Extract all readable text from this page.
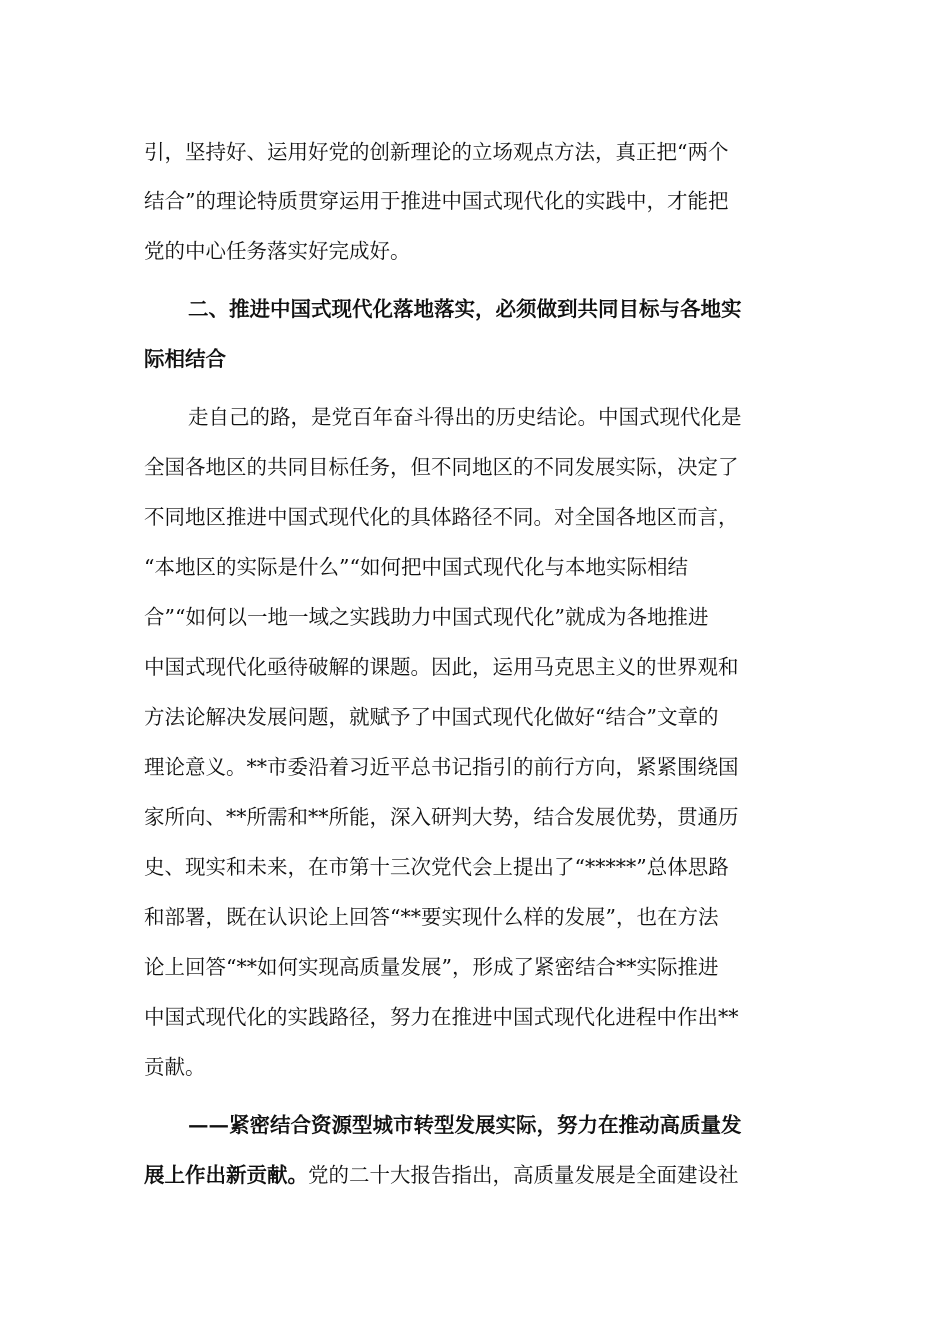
引，坚持好、运用好党的创新理论的立场观点方法，真正把“两个
结合”的理论特质贯穿运用于推进中国式现代化的实践中，才能把
党的中心任务落实好完成好。
二、推进中国式现代化落地落实，必须做到共同目标与各地实
际相结合
走自己的路，是党百年奋斗得出的历史结论。中国式现代化是
全国各地区的共同目标任务，但不同地区的不同发展实际，决定了
不同地区推进中国式现代化的具体路径不同。对全国各地区而言，
“本地区的实际是什么”“如何把中国式现代化与本地实际相结
合”“如何以一地一域之实践助力中国式现代化”就成为各地推进
中国式现代化亟待破解的课题。因此，运用马克思主义的世界观和
方法论解决发展问题，就赋予了中国式现代化做好“结合”文章的
理论意义。**市委沿着习近平总书记指引的前行方向，紧紧围绕国
家所向、**所需和**所能，深入研判大势，结合发展优势，贯通历
史、现实和未来，在市第十三次党代会上提出了“*****”总体思路
和部署，既在认识论上回答“**要实现什么样的发展”，也在方法
论上回答“**如何实现高质量发展”，形成了紧密结合**实际推进
中国式现代化的实践路径，努力在推进中国式现代化进程中作出**
贡献。
——紧密结合资源型城市转型发展实际，努力在推动高质量发
展上作出新贡献。党的二十大报告指出，高质量发展是全面建设社
